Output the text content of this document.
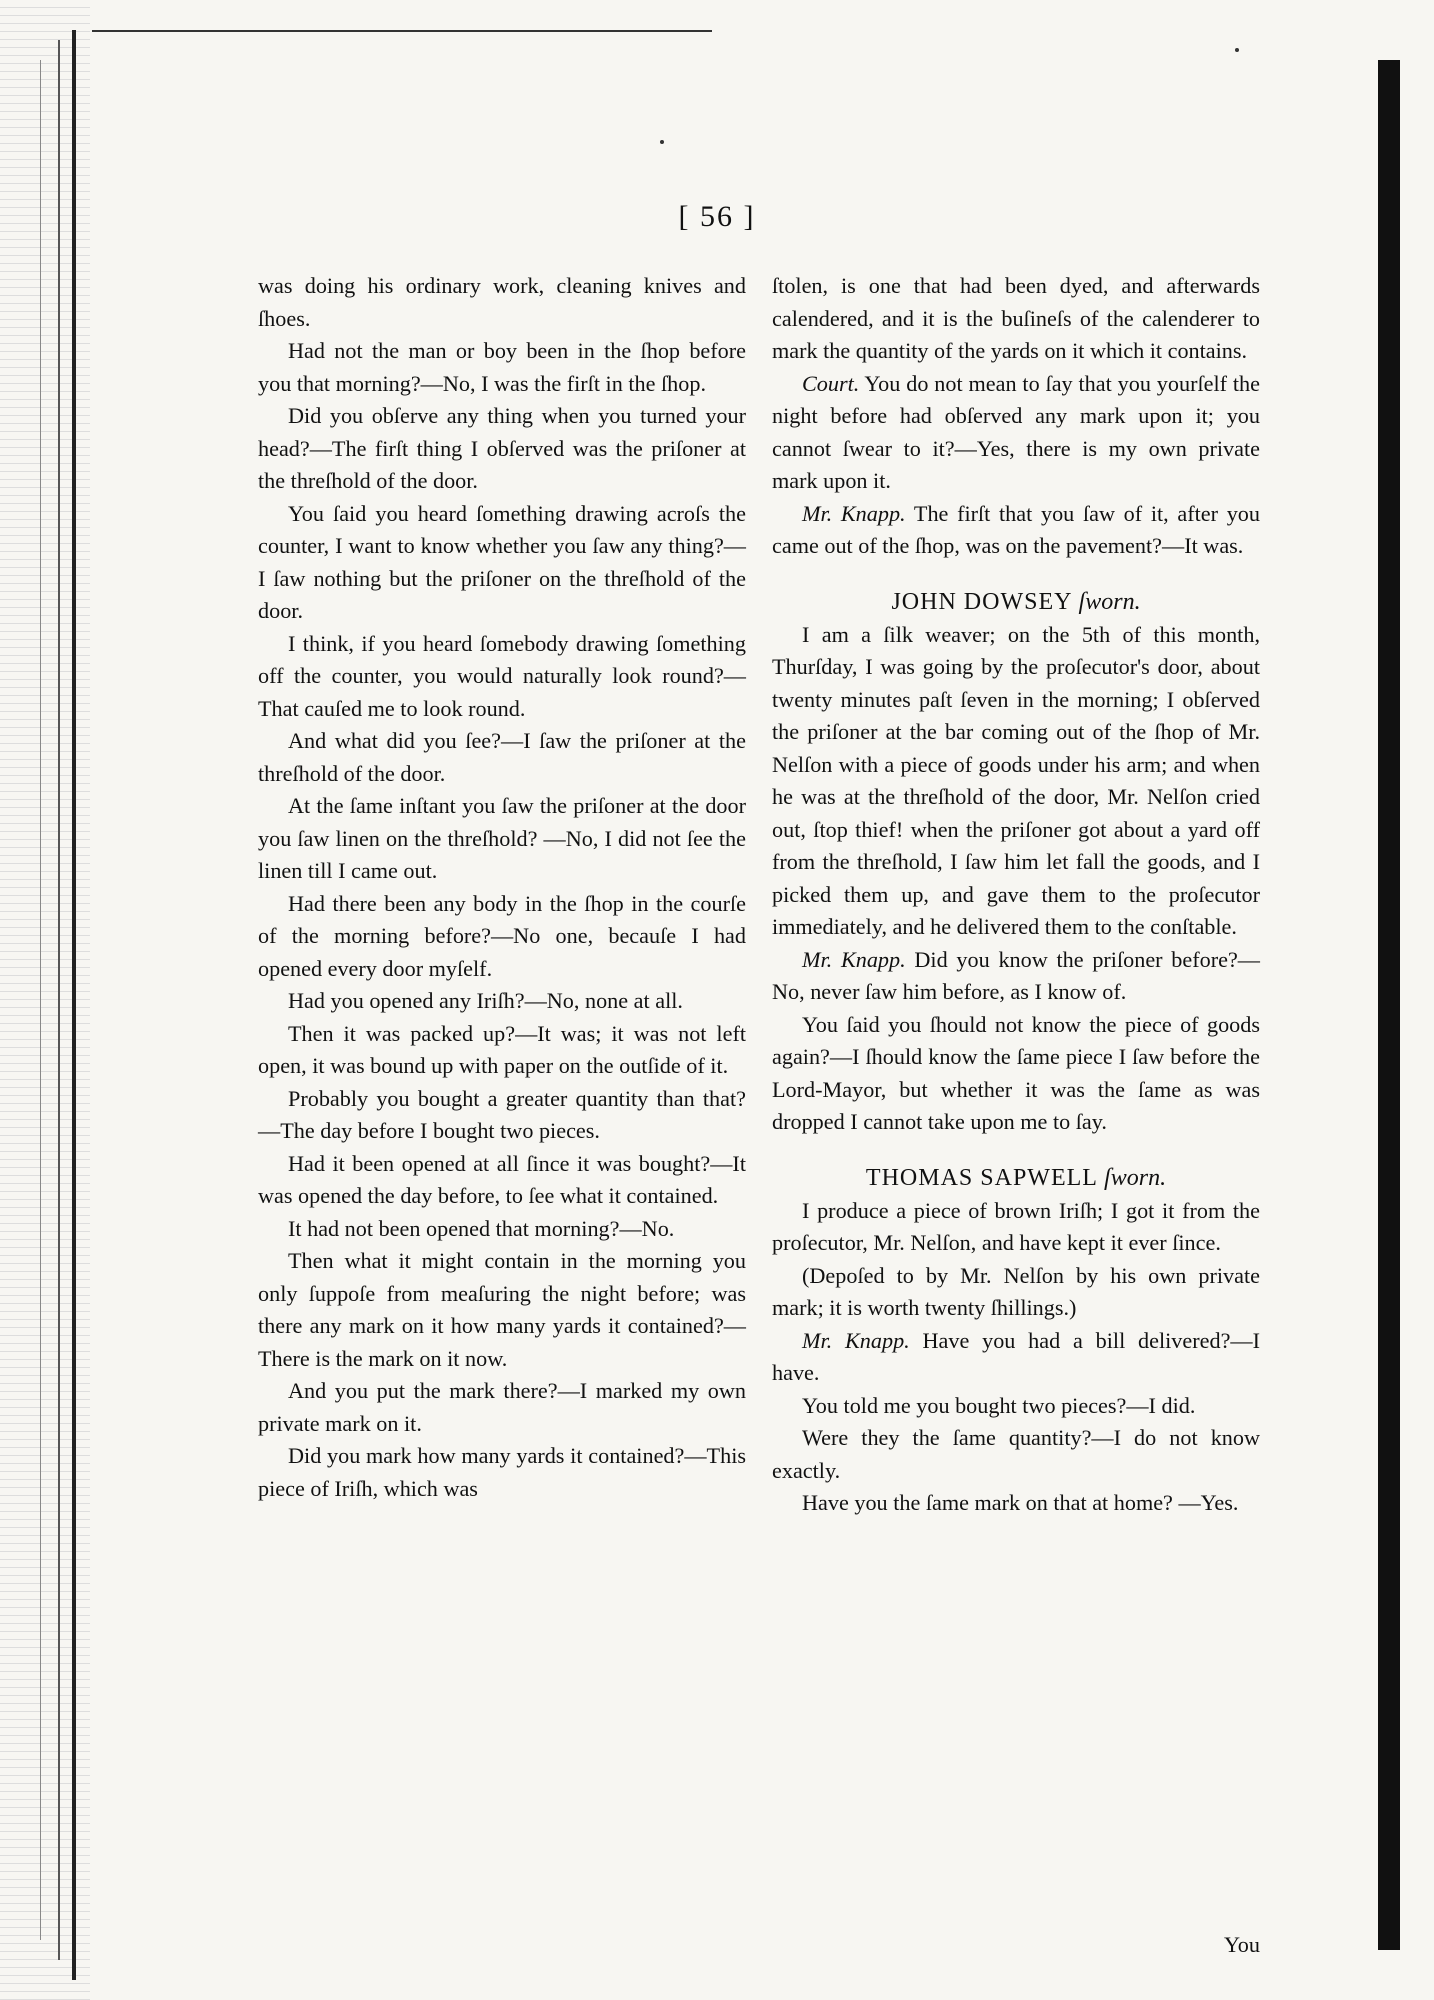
[ 56 ]

was doing his ordinary work, cleaning knives and ſhoes.

Had not the man or boy been in the ſhop before you that morning?—No, I was the firſt in the ſhop.

Did you obſerve any thing when you turned your head?—The firſt thing I obſerved was the priſoner at the threſhold of the door.

You ſaid you heard ſomething drawing acroſs the counter, I want to know whether you ſaw any thing?—I ſaw nothing but the priſoner on the threſhold of the door.

I think, if you heard ſomebody drawing ſomething off the counter, you would naturally look round?—That cauſed me to look round.

And what did you ſee?—I ſaw the priſoner at the threſhold of the door.

At the ſame inſtant you ſaw the priſoner at the door you ſaw linen on the threſhold? —No, I did not ſee the linen till I came out.

Had there been any body in the ſhop in the courſe of the morning before?—No one, becauſe I had opened every door myſelf.

Had you opened any Iriſh?—No, none at all.

Then it was packed up?—It was; it was not left open, it was bound up with paper on the outſide of it.

Probably you bought a greater quantity than that?—The day before I bought two pieces.

Had it been opened at all ſince it was bought?—It was opened the day before, to ſee what it contained.

It had not been opened that morning?—No.

Then what it might contain in the morning you only ſuppoſe from meaſuring the night before; was there any mark on it how many yards it contained?—There is the mark on it now.

And you put the mark there?—I marked my own private mark on it.

Did you mark how many yards it contained?—This piece of Iriſh, which was

ſtolen, is one that had been dyed, and afterwards calendered, and it is the buſineſs of the calenderer to mark the quantity of the yards on it which it contains.

Court. You do not mean to ſay that you yourſelf the night before had obſerved any mark upon it; you cannot ſwear to it?—Yes, there is my own private mark upon it.

Mr. Knapp. The firſt that you ſaw of it, after you came out of the ſhop, was on the pavement?—It was.

JOHN DOWSEY ſworn.

I am a ſilk weaver; on the 5th of this month, Thurſday, I was going by the proſecutor's door, about twenty minutes paſt ſeven in the morning; I obſerved the priſoner at the bar coming out of the ſhop of Mr. Nelſon with a piece of goods under his arm; and when he was at the threſhold of the door, Mr. Nelſon cried out, ſtop thief! when the priſoner got about a yard off from the threſhold, I ſaw him let fall the goods, and I picked them up, and gave them to the proſecutor immediately, and he delivered them to the conſtable.

Mr. Knapp. Did you know the priſoner before?—No, never ſaw him before, as I know of.

You ſaid you ſhould not know the piece of goods again?—I ſhould know the ſame piece I ſaw before the Lord-Mayor, but whether it was the ſame as was dropped I cannot take upon me to ſay.

THOMAS SAPWELL ſworn.

I produce a piece of brown Iriſh; I got it from the proſecutor, Mr. Nelſon, and have kept it ever ſince.

(Depoſed to by Mr. Nelſon by his own private mark; it is worth twenty ſhillings.)

Mr. Knapp. Have you had a bill delivered?—I have.

You told me you bought two pieces?—I did.

Were they the ſame quantity?—I do not know exactly.

Have you the ſame mark on that at home? —Yes.

You
